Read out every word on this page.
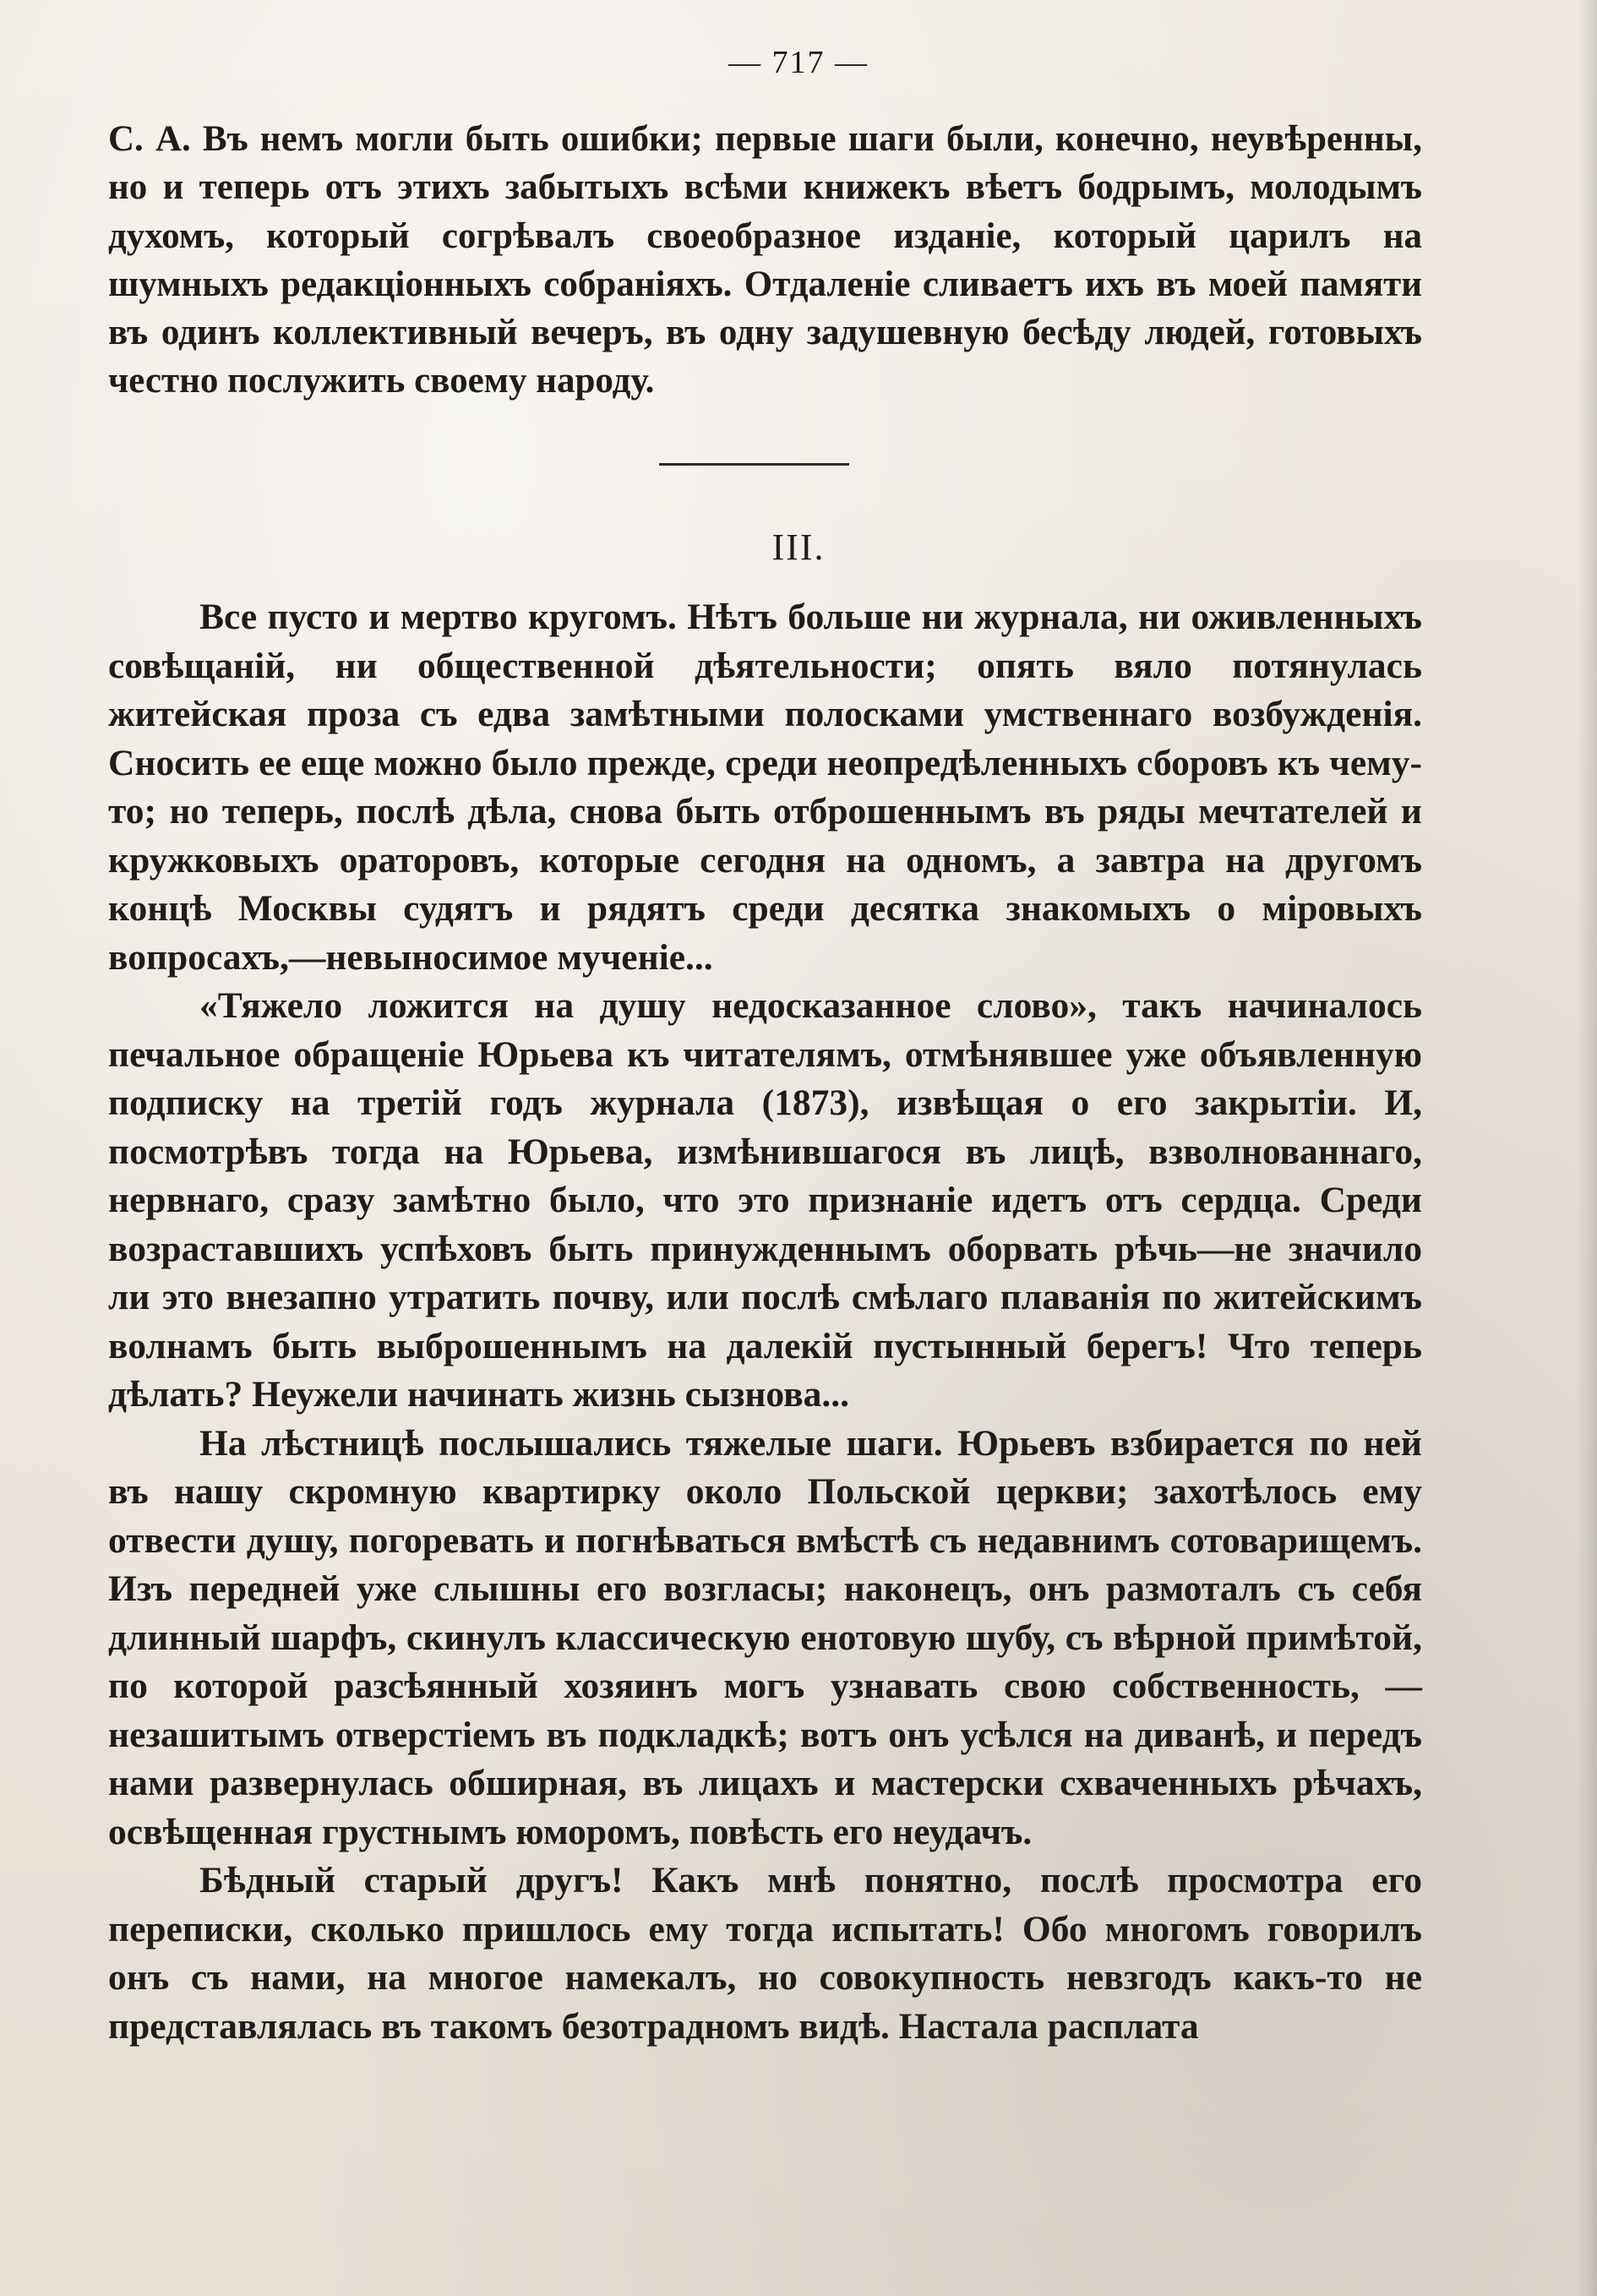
— 717 —

С. А. Въ немъ могли быть ошибки; первые шаги были, конечно, неувѣренны, но и теперь отъ этихъ забытыхъ всѣми книжекъ вѣетъ бодрымъ, молодымъ духомъ, который согрѣвалъ своеобразное изданіе, который царилъ на шумныхъ редакціонныхъ собраніяхъ. Отдаленіе сливаетъ ихъ въ моей памяти въ одинъ коллективный вечеръ, въ одну задушевную бесѣду людей, готовыхъ честно послужить своему народу.

III.

Все пусто и мертво кругомъ. Нѣтъ больше ни журнала, ни оживленныхъ совѣщаній, ни общественной дѣятельности; опять вяло потянулась житейская проза съ едва замѣтными полосками умственнаго возбужденія. Сносить ее еще можно было прежде, среди неопредѣленныхъ сборовъ къ чему-то; но теперь, послѣ дѣла, снова быть отброшеннымъ въ ряды мечтателей и кружковыхъ ораторовъ, которые сегодня на одномъ, а завтра на другомъ концѣ Москвы судятъ и рядятъ среди десятка знакомыхъ о міровыхъ вопросахъ,—невыносимое мученіе...

«Тяжело ложится на душу недосказанное слово», такъ начиналось печальное обращеніе Юрьева къ читателямъ, отмѣнявшее уже объявленную подписку на третій годъ журнала (1873), извѣщая о его закрытіи. И, посмотрѣвъ тогда на Юрьева, измѣнившагося въ лицѣ, взволнованнаго, нервнаго, сразу замѣтно было, что это признаніе идетъ отъ сердца. Среди возраставшихъ успѣховъ быть принужденнымъ оборвать рѣчь—не значило ли это внезапно утратить почву, или послѣ смѣлаго плаванія по житейскимъ волнамъ быть выброшеннымъ на далекій пустынный берегъ! Что теперь дѣлать? Неужели начинать жизнь сызнова...

На лѣстницѣ послышались тяжелые шаги. Юрьевъ взбирается по ней въ нашу скромную квартирку около Польской церкви; захотѣлось ему отвести душу, погоревать и погнѣваться вмѣстѣ съ недавнимъ сотоварищемъ. Изъ передней уже слышны его возгласы; наконецъ, онъ размоталъ съ себя длинный шарфъ, скинулъ классическую енотовую шубу, съ вѣрной примѣтой, по которой разсѣянный хозяинъ могъ узнавать свою собственность, — незашитымъ отверстіемъ въ подкладкѣ; вотъ онъ усѣлся на диванѣ, и передъ нами развернулась обширная, въ лицахъ и мастерски схваченныхъ рѣчахъ, освѣщенная грустнымъ юморомъ, повѣсть его неудачъ.

Бѣдный старый другъ! Какъ мнѣ понятно, послѣ просмотра его переписки, сколько пришлось ему тогда испытать! Обо многомъ говорилъ онъ съ нами, на многое намекалъ, но совокупность невзгодъ какъ-то не представлялась въ такомъ безотрадномъ видѣ. Настала расплата
